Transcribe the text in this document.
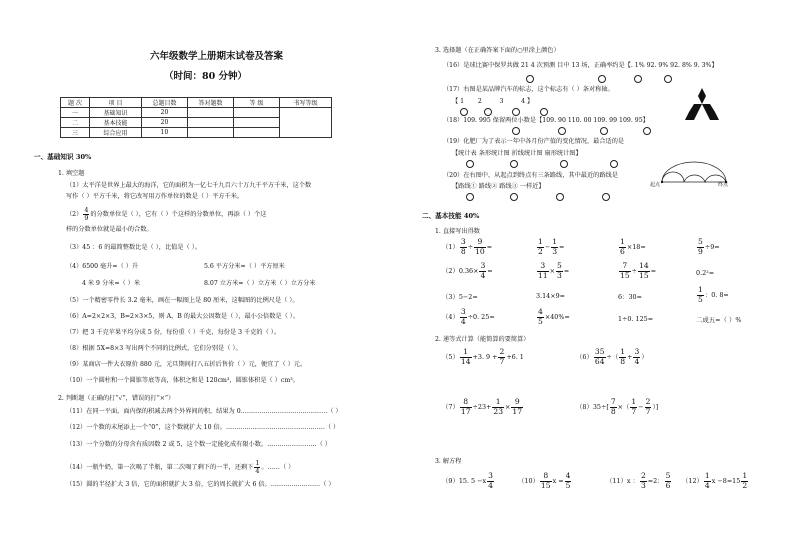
六年级数学上册期末试卷及答案
（时间：80 分钟）
题 次	项 目	总题目数	答对题数	等 级	书写等级
一	基础知识	20			
二	基本技能	20			
三	综合应用	10			
一、基础知识 30%
1. 填空题
（1）太平洋是世界上最大的海洋，它的面积为一亿七千九百六十万九千平方千米，这个数
写作（ ）平方千米，将它改写用万作单位的数是（ ）平方千米。
$(2) \frac{4}{9}$ 的分数单位是（ ），它有（ ）个这样的分数单位，再添（ ）个这
样的分数单位就是最小的合数。
（3）45 ：6 的最简整数比是（ ），比值是（ ）。
（4）6500 毫升=（ ）升	5.6 平方分米=（ ）平方厘米
4 米 9 分米=（ ）米	8.07 立方米=（ ）立方米（ ）立方分米
（5）一个精密零件长 3.2 毫米，画在一幅图上是 80 厘米，这幅图的比例尺是（ ）。
（6）A=2×2×3，B=2×3×5，则 A、B 的最大公因数是（ ），最小公倍数是（ ）。
（7）把 3 千克苹果平均分成 5 份，每份重（ ）千克，每份是 3 千克的（ ）。
（8）根据 5X=8×3 写出两个不同的比例式，它们分别是（ ）。
（9）某商店一件大衣原价 880 元，元旦期间打八五折后售价（ ）元，便宜了（ ）元。
（10）一个圆柱和一个圆锥等底等高，体积之和是 120cm³，圆锥体积是（ ）cm³。
2. 判断题（正确的打“√”，错误的打“×”）
（11）在同一平面，面内保的积减去两个外界间的积，结果为 0……………………………………（ ）
（12）一个数的末尾添上一个“0”，这个数就扩大 10 倍。…………………………………………（ ）
（13）一个分数的分母含有质因数 2 或 5，这个数一定能化成有限小数。……………………（ ）
（14）一瓶牛奶，第一次喝了半瓶，第二次喝了剩下的一半，还剩下 $\frac{1}{4}$ 。……（ ）
（15）圆的半径扩大 3 倍，它的面积就扩大 3 倍，它的周长就扩大 6 倍。……………………（ ）
3. 选择题（在正确答案下面的○里涂上颜色）
（16）是球比赛中保罗共做 21 4 次预测 目中 13 场，正确率约是【. 1% 92. 9% 92. 8% 9. 3%】
（17）右图是某品牌汽车的标志，这个标志有（ ）条对称轴。
【 1 2	3	4 】
（18）109. 995 保留两位小数是【109. 90 110. 00 109. 99 109. 95】
（19）化肥厂为了表示一年中各月份产值的变化情况，最合适的是
【统计表 条形统计图 折线统计图 扇形统计图】
（20）在右图中，从起点到终点有三条路线，其中最近的路线是
【路线① 路线② 路线③ 一样近】	起点	终点
二、基本技能 40%
1. 直接写出得数
$(1) \frac{3}{8} \div \frac{9}{10}$ =	$\frac{1}{2} - \frac{1}{3}$ =	$\frac{1}{6} \times 18=$	$\frac{5}{9} \div 9=$
$(2)0.36\times \frac{3}{4}$ =	$\frac{3}{11} \times \frac{5}{3}$ =	$\frac{7}{15} \div \frac{14}{15}$ =	0.2²=
（3）5−2=	3.14×9=	6：30=	$\frac{1}{5}$ ：0. 8=
$(4) \frac{3}{4} \div 0$. 25=	$\frac{4}{5} \times 40\%=$	1÷0. 125=	二成五=（ ）%
2. 递等式计算（能简算的要简算）
$(5) \frac{1}{14} +3$. $9 + \frac{2}{7} +6$. 1	$(6) \frac{35}{64}$ ÷（ $\frac{1}{8} + \frac{3}{4}$ ）
$(7) \frac{8}{17} \div 23+ \frac{1}{23} \times \frac{9}{17}$	$(8)35\div[ \frac{7}{8}$ ×（ $\frac{1}{7} - \frac{2}{7}$ ）]
3. 解方程
（9）15. $5 -x \frac{3}{4}$	$(10) \frac{8}{15}$ $x = \frac{4}{5}$	（11）x ： $\frac{2}{3} =2$： $\frac{5}{6} (12) \frac{1}{4}$ $x -8=15 \frac{1}{2}$
